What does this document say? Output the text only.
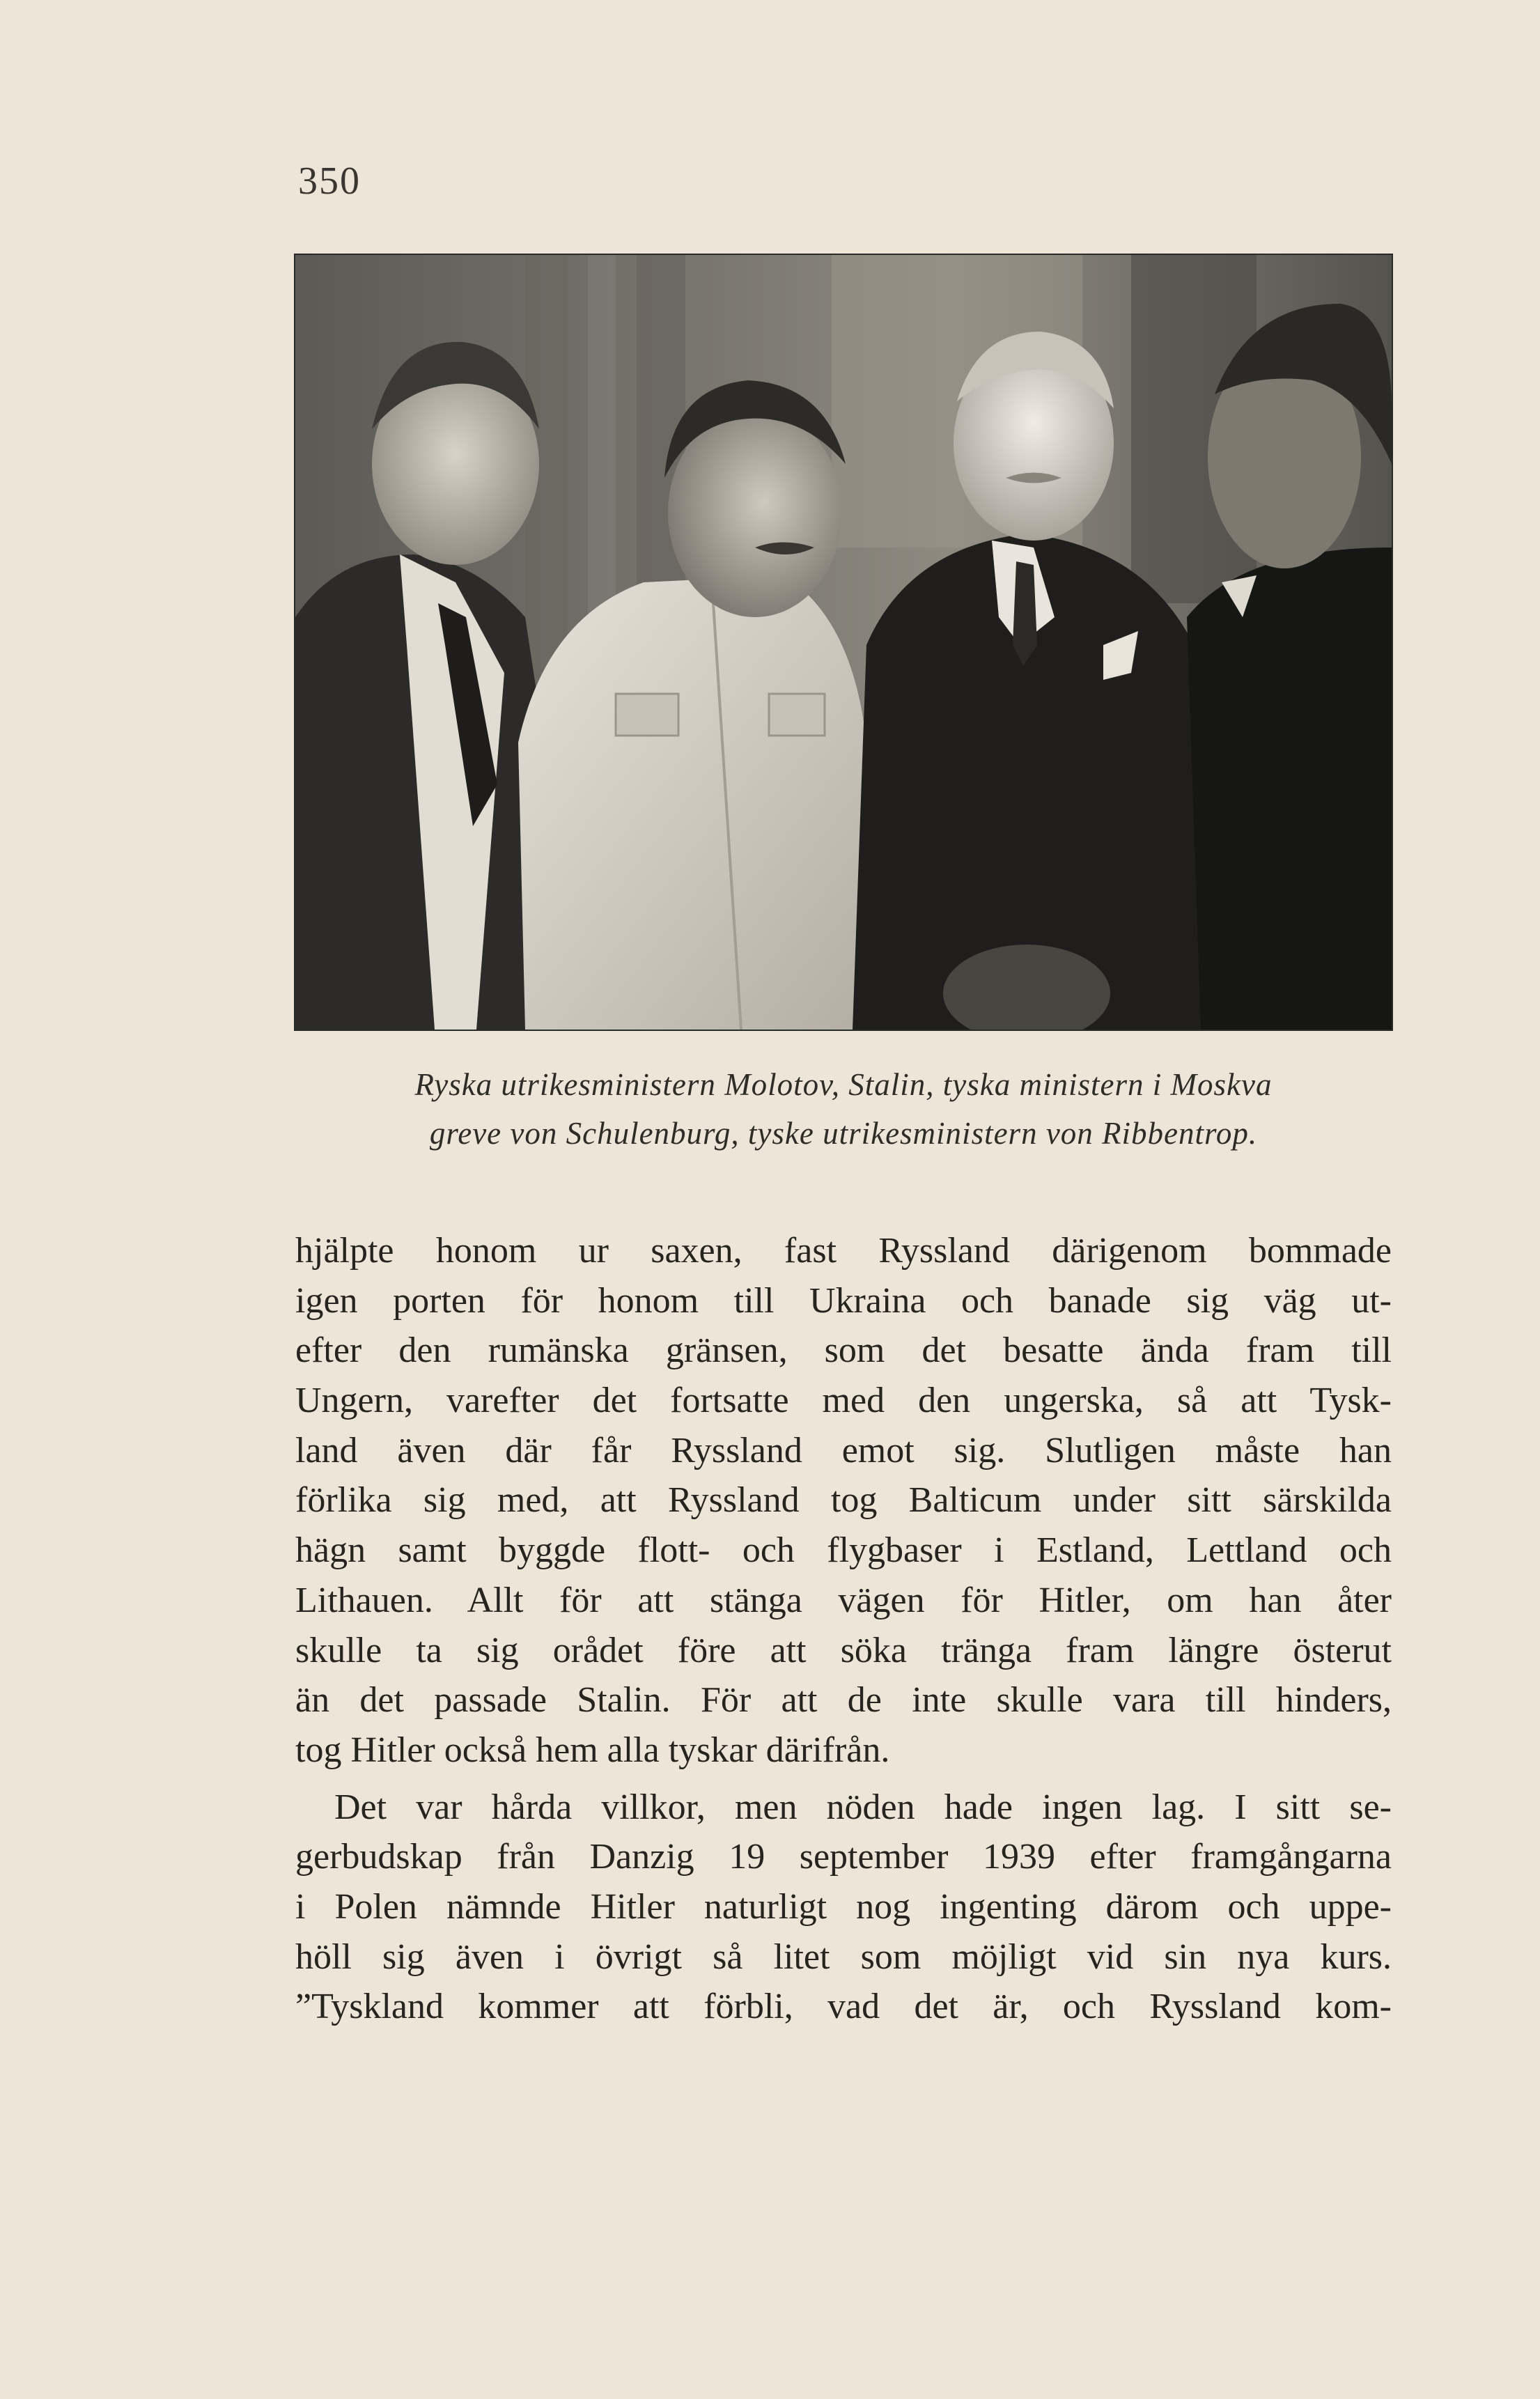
350
Ryska utrikesministern Molotov, Stalin, tyska ministern i Moskva
greve von Schulenburg, tyske utrikesministern von Ribbentrop.
hjälpte honom ur saxen, fast Ryssland därigenom bommade
igen porten för honom till Ukraina och banade sig väg ut-
efter den rumänska gränsen, som det besatte ända fram till
Ungern, varefter det fortsatte med den ungerska, så att Tysk-
land även där får Ryssland emot sig. Slutligen måste han
förlika sig med, att Ryssland tog Balticum under sitt särskilda
hägn samt byggde flott- och flygbaser i Estland, Lettland och
Lithauen. Allt för att stänga vägen för Hitler, om han åter
skulle ta sig orådet före att söka tränga fram längre österut
än det passade Stalin. För att de inte skulle vara till hinders,
tog Hitler också hem alla tyskar därifrån.
Det var hårda villkor, men nöden hade ingen lag. I sitt se-
gerbudskap från Danzig 19 september 1939 efter framgångarna
i Polen nämnde Hitler naturligt nog ingenting därom och uppe-
höll sig även i övrigt så litet som möjligt vid sin nya kurs.
”Tyskland kommer att förbli, vad det är, och Ryssland kom-
